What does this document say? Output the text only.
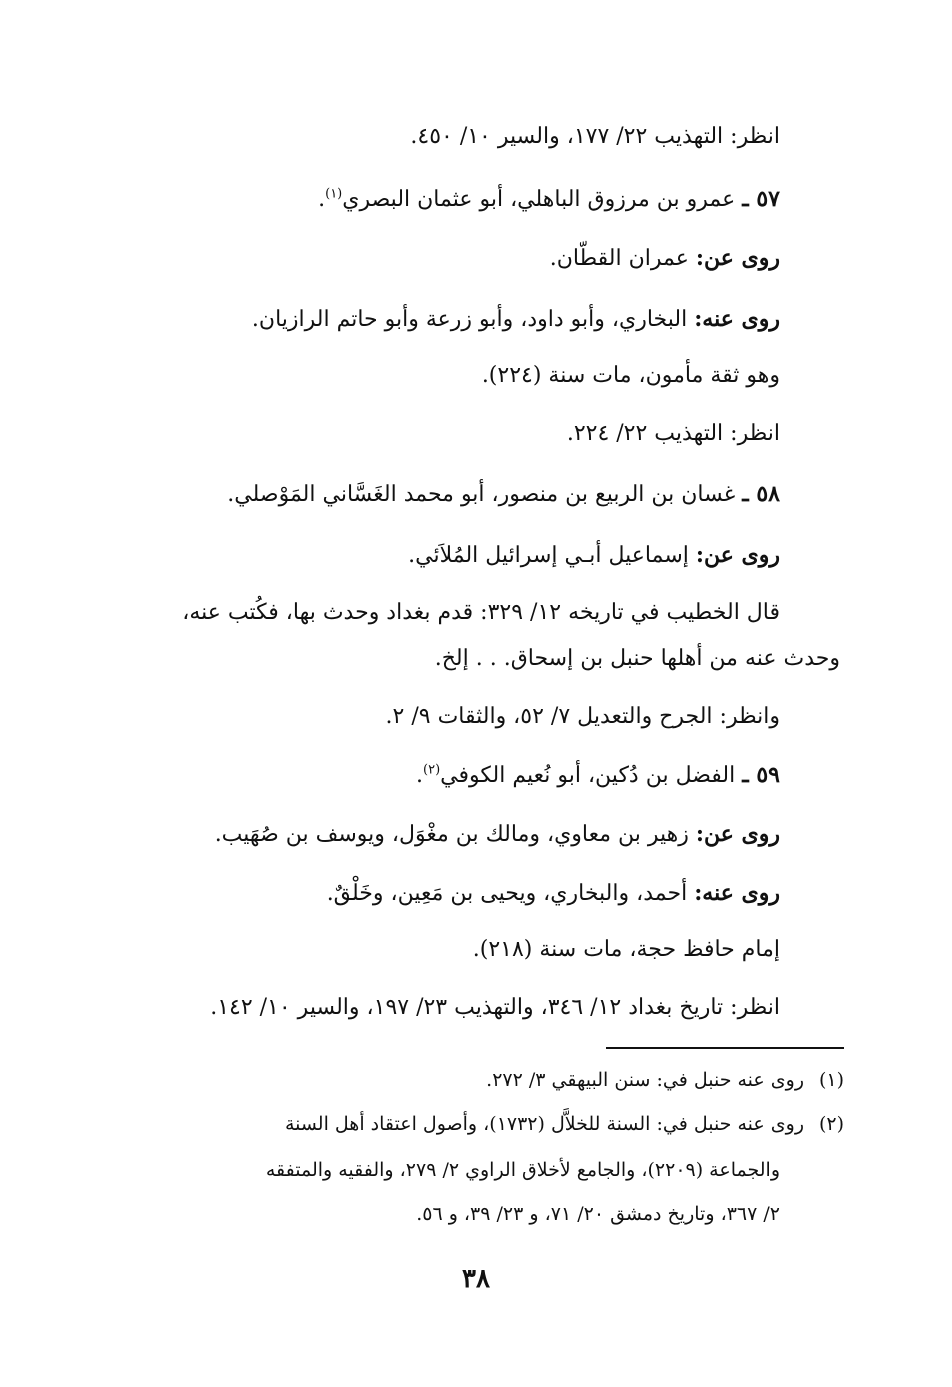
انظر: التهذيب ٢٢/ ١٧٧، والسير ١٠/ ٤٥٠.
٥٧ ـ عمرو بن مرزوق الباهلي، أبو عثمان البصري$^{(١)}$.
روى عن: عمران القطّان.
روى عنه: البخاري، وأبو داود، وأبو زرعة وأبو حاتم الرازيان.
وهو ثقة مأمون، مات سنة (٢٢٤).
انظر: التهذيب ٢٢/ ٢٢٤.
٥٨ ـ غسان بن الربيع بن منصور، أبو محمد الغَسَّاني المَوْصلي.
روى عن: إسماعيل أبـي إسرائيل المُلاَئي.
قال الخطيب في تاريخه ١٢/ ٣٢٩: قدم بغداد وحدث بها، فكُتب عنه،
وحدث عنه من أهلها حنبل بن إسحاق. . . إلخ.
وانظر: الجرح والتعديل ٧/ ٥٢، والثقات ٩/ ٢.
٥٩ ـ الفضل بن دُكين، أبو نُعيم الكوفي$^{(٢)}$.
روى عن: زهير بن معاوي، ومالك بن مغْوَل، ويوسف بن صُهَيب.
روى عنه: أحمد، والبخاري، ويحيى بن مَعِين، وخَلْقٌ.
إمام حافظ حجة، مات سنة (٢١٨).
انظر: تاريخ بغداد ١٢/ ٣٤٦، والتهذيب ٢٣/ ١٩٧، والسير ١٠/ ١٤٢.
(١)روى عنه حنبل في: سنن البيهقي ٣/ ٢٧٢.
(٢)روى عنه حنبل في: السنة للخلاَّل (١٧٣٢)، وأصول اعتقاد أهل السنة
والجماعة (٢٢٠٩)، والجامع لأخلاق الراوي ٢/ ٢٧٩، والفقيه والمتفقه
٢/ ٣٦٧، وتاريخ دمشق ٢٠/ ٧١، و ٢٣/ ٣٩، و ٥٦.
٣٨
